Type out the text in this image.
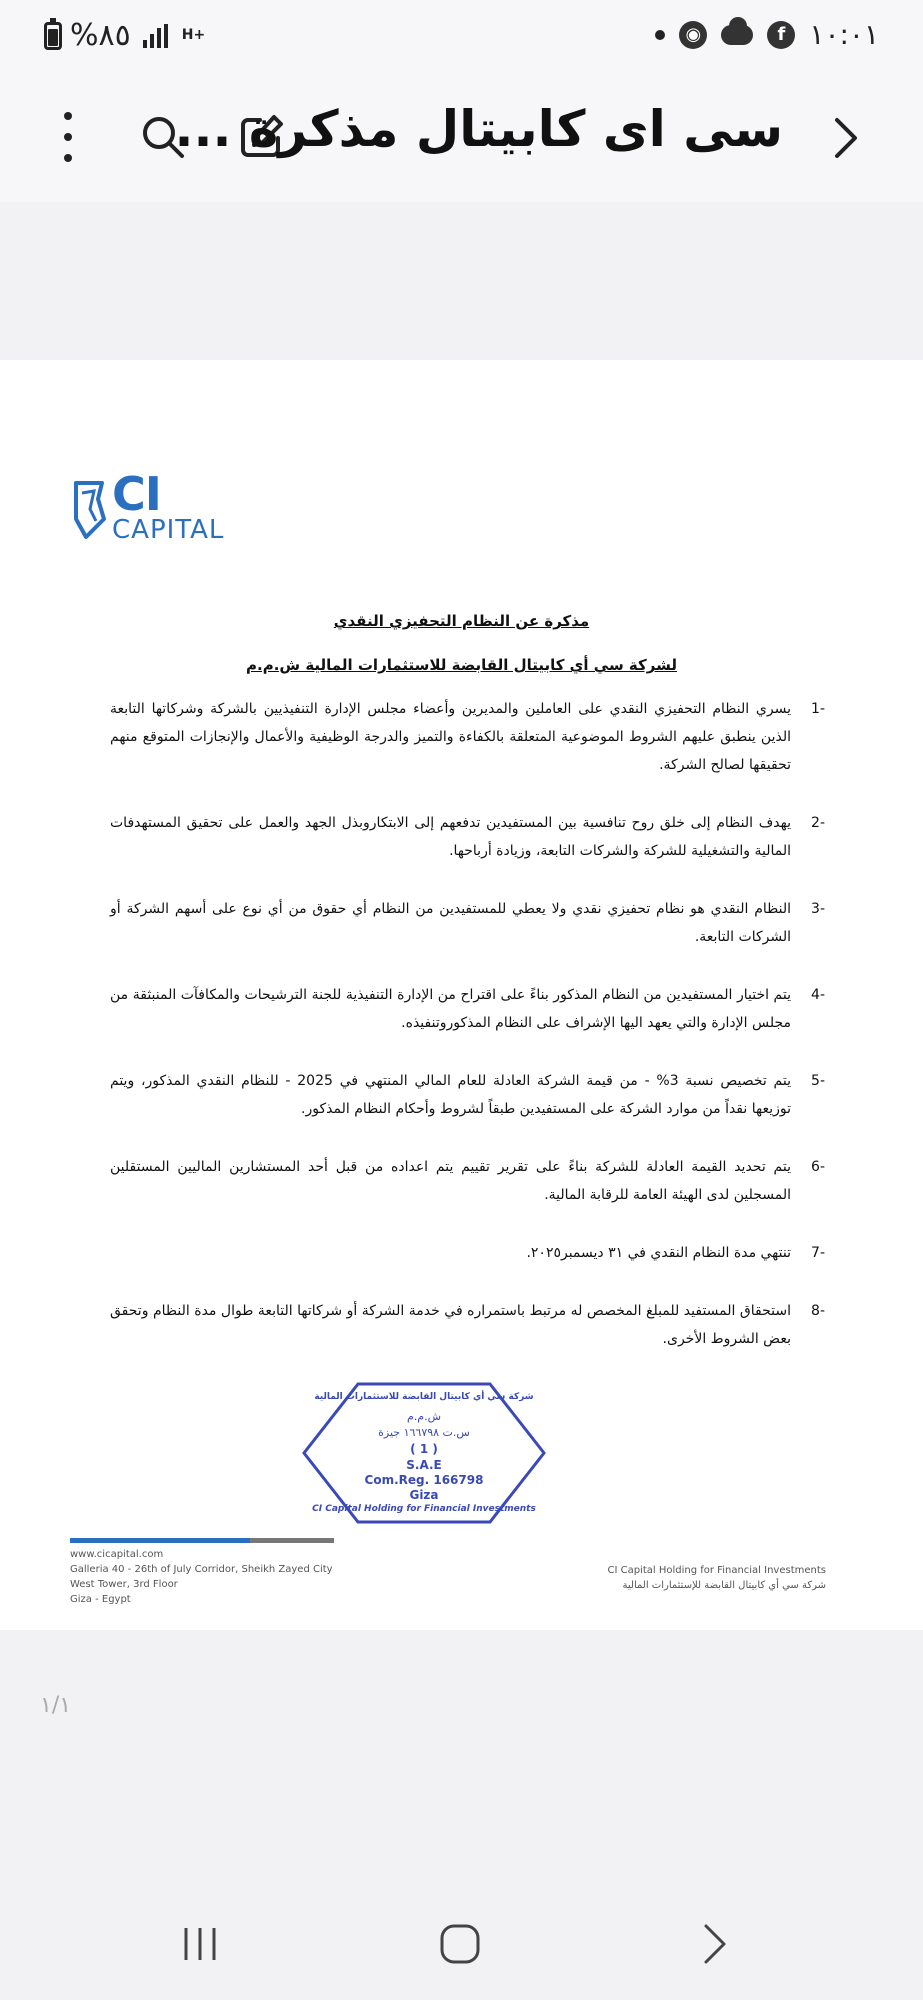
%٨٥	H+	◉	f ١٠:٠١
سى اى كابيتال مذكرة ...
CI
CAPITAL
مذكرة عن النظام التحفيزي النقدي
لشركة سي أي كابيتال القابضة للاستثمارات المالية ش.م.م
-1
يسري النظام التحفيزي النقدي على العاملين والمديرين وأعضاء مجلس الإدارة التنفيذيين بالشركة وشركاتها التابعة الذين ينطبق عليهم الشروط الموضوعية المتعلقة بالكفاءة والتميز والدرجة الوظيفية والأعمال والإنجازات المتوقع منهم تحقيقها لصالح الشركة.
-2
يهدف النظام إلى خلق روح تنافسية بين المستفيدين تدفعهم إلى الابتكاروبذل الجهد والعمل على تحقيق المستهدفات المالية والتشغيلية للشركة والشركات التابعة، وزيادة أرباحها.
-3
النظام النقدي هو نظام تحفيزي نقدي ولا يعطي للمستفيدين من النظام أي حقوق من أي نوع على أسهم الشركة أو الشركات التابعة.
-4
يتم اختيار المستفيدين من النظام المذكور بناءً على اقتراح من الإدارة التنفيذية للجنة الترشيحات والمكافآت المنبثقة من مجلس الإدارة والتي يعهد اليها الإشراف على النظام المذكوروتنفيذه.
-5
يتم تخصيص نسبة 3% - من قيمة الشركة العادلة للعام المالي المنتهي في 2025 - للنظام النقدي المذكور، ويتم توزيعها نقداً من موارد الشركة على المستفيدين طبقاً لشروط وأحكام النظام المذكور.
-6
يتم تحديد القيمة العادلة للشركة بناءً على تقرير تقييم يتم اعداده من قبل أحد المستشارين الماليين المستقلين المسجلين لدى الهيئة العامة للرقابة المالية.
-7
تنتهي مدة النظام النقدي في ٣١ ديسمبر٢٠٢٥.
-8
استحقاق المستفيد للمبلغ المخصص له مرتبط باستمراره في خدمة الشركة أو شركاتها التابعة طوال مدة النظام وتحقق بعض الشروط الأخرى.
شركة سي أي كابيتال القابضة للاستثمارات المالية
ش.م.م
س.ت ١٦٦٧٩٨ جيزة
( 1 )
S.A.E
Com.Reg. 166798
Giza
CI Capital Holding for Financial Investments
www.cicapital.com
Galleria 40 - 26th of July Corridor, Sheikh Zayed City
West Tower, 3rd Floor
Giza - Egypt
CI Capital Holding for Financial Investments
شركة سي أي كابيتال القابضة للإستثمارات المالية
١/١
